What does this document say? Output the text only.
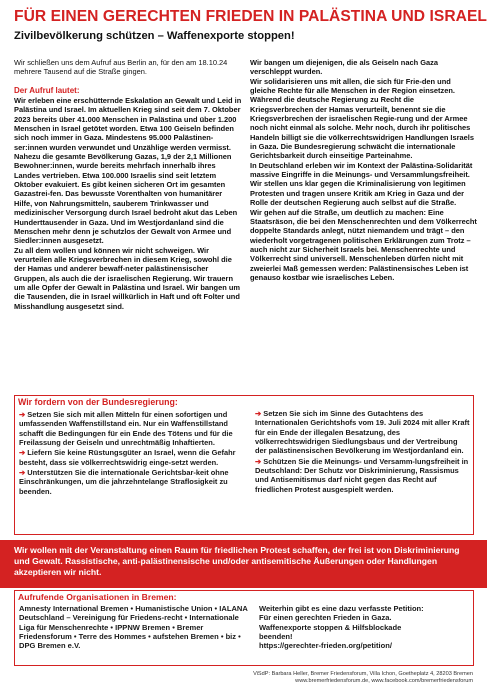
FÜR EINEN GERECHTEN FRIEDEN IN PALÄSTINA UND ISRAEL
Zivilbevölkerung schützen – Waffenexporte stoppen!

Wir schließen uns dem Aufruf aus Berlin an, für den am 18.10.24 mehrere Tausend auf die Straße gingen.

Der Aufruf lautet:

Wir erleben eine erschütternde Eskalation an Gewalt und Leid in Palästina und Israel. Im aktuellen Krieg sind seit dem 7. Oktober 2023 bereits über 41.000 Menschen in Palästina und über 1.200 Menschen in Israel getötet worden. Etwa 100 Geiseln befinden sich noch immer in Gaza. Mindestens 95.000 Palästinen-ser:innen wurden verwundet und Unzählige werden vermisst. Nahezu die gesamte Bevölkerung Gazas, 1,9 der 2,1 Millionen Bewohner:innen, wurde bereits mehrfach innerhalb ihres Landes vertrieben. Etwa 100.000 Israelis sind seit letztem Oktober evakuiert. Es gibt keinen sicheren Ort im gesamten Gazastrei-fen. Das bewusste Vorenthalten von humanitärer Hilfe, von Nahrungsmitteln, sauberem Trinkwasser und medizinischer Versorgung durch Israel bedroht akut das Leben Hunderttausender in Gaza. Und im Westjordanland sind die Menschen mehr denn je schutzlos der Gewalt von Armee und Siedler:innen ausgesetzt.

Zu all dem wollen und können wir nicht schweigen. Wir verurteilen alle Kriegsverbrechen in diesem Krieg, sowohl die der Hamas und anderer bewaff-neter palästinensischer Gruppen, als auch die der israelischen Regierung. Wir trauern um alle Opfer der Gewalt in Palästina und Israel. Wir bangen um die Tausenden, die in Israel willkürlich in Haft und oft Folter und Misshandlung ausgesetzt sind.

Wir bangen um diejenigen, die als Geiseln nach Gaza verschleppt wurden.

Wir solidarisieren uns mit allen, die sich für Frie-den und gleiche Rechte für alle Menschen in der Region einsetzen.

Während die deutsche Regierung zu Recht die Kriegsverbrechen der Hamas verurteilt, benennt sie die Kriegsverbrechen der israelischen Regie-rung und der Armee noch nicht einmal als solche. Mehr noch, durch ihr politisches Handeln billigt sie die völkerrechtswidrigen Handlungen Israels in Gaza. Die Bundesregierung schwächt die internationale Gerichtsbarkeit durch einseitige Parteinahme.

In Deutschland erleben wir im Kontext der Palästina-Solidarität massive Eingriffe in die Meinungs- und Versammlungsfreiheit. Wir stellen uns klar gegen die Kriminalisierung von legitimen Protesten und tragen unsere Kritik am Krieg in Gaza und der Rolle der deutschen Regierung auch selbst auf die Straße.

Wir gehen auf die Straße, um deutlich zu machen: Eine Staatsräson, die bei den Menschenrechten und dem Völkerrecht doppelte Standards anlegt, nützt niemandem und trägt – den wiederholt vorgetragenen politischen Erklärungen zum Trotz – auch nicht zur Sicherheit Israels bei. Menschenrechte und Völkerrecht sind universell. Menschenleben dürfen nicht mit zweierlei Maß gemessen werden: Palästinensisches Leben ist genauso kostbar wie israelisches Leben.

Wir fordern von der Bundesregierung:

➔ Setzen Sie sich mit allen Mitteln für einen sofortigen und umfassenden Waffenstillstand ein. Nur ein Waffenstillstand schafft die Bedingungen für ein Ende des Tötens und für die Freilassung der Geiseln und unrechtmäßig Inhaftierten.

➔ Liefern Sie keine Rüstungsgüter an Israel, wenn die Gefahr besteht, dass sie völkerrechtswidrig einge-setzt werden.

➔ Unterstützen Sie die internationale Gerichtsbar-keit ohne Einschränkungen, um die jahrzehntelange Straflosigkeit zu beenden.

➔ Setzen Sie sich im Sinne des Gutachtens des Internationalen Gerichtshofs vom 19. Juli 2024 mit aller Kraft für ein Ende der illegalen Besatzung, des völkerrechtswidrigen Siedlungsbaus und der Vertreibung der palästinensischen Bevölkerung im Westjordanland ein.

➔ Schützen Sie die Meinungs- und Versamm-lungsfreiheit in Deutschland: Der Schutz vor Diskriminierung, Rassismus und Antisemitismus darf nicht gegen das Recht auf friedlichen Protest ausgespielt werden.

Wir wollen mit der Veranstaltung einen Raum für friedlichen Protest schaffen, der frei ist von Diskriminierung und Gewalt. Rassistische, anti-palästinensische und/oder antisemitische Äußerungen oder Handlungen akzeptieren wir nicht.
Aufrufende Organisationen in Bremen:
Amnesty International Bremen • Humanistische Union • IALANA Deutschland – Vereinigung für Friedens-recht • Internationale Liga für Menschenrechte • IPPNW Bremen • Bremer Friedensforum • Terre des Hommes • aufstehen Bremen • biz • DPG Bremen e.V.
Weiterhin gibt es eine dazu verfasste Petition:
Für einen gerechten Frieden in Gaza.
Waffenexporte stoppen & Hilfsblockade
beenden!
https://gerechter-frieden.org/petition/
ViSdP: Barbara Heller, Bremer Friedensforum, Villa Ichon, Goetheplatz 4, 28203 Bremen
www.bremerfriedensforum.de, www.facebook.com/bremerfriedensforum
